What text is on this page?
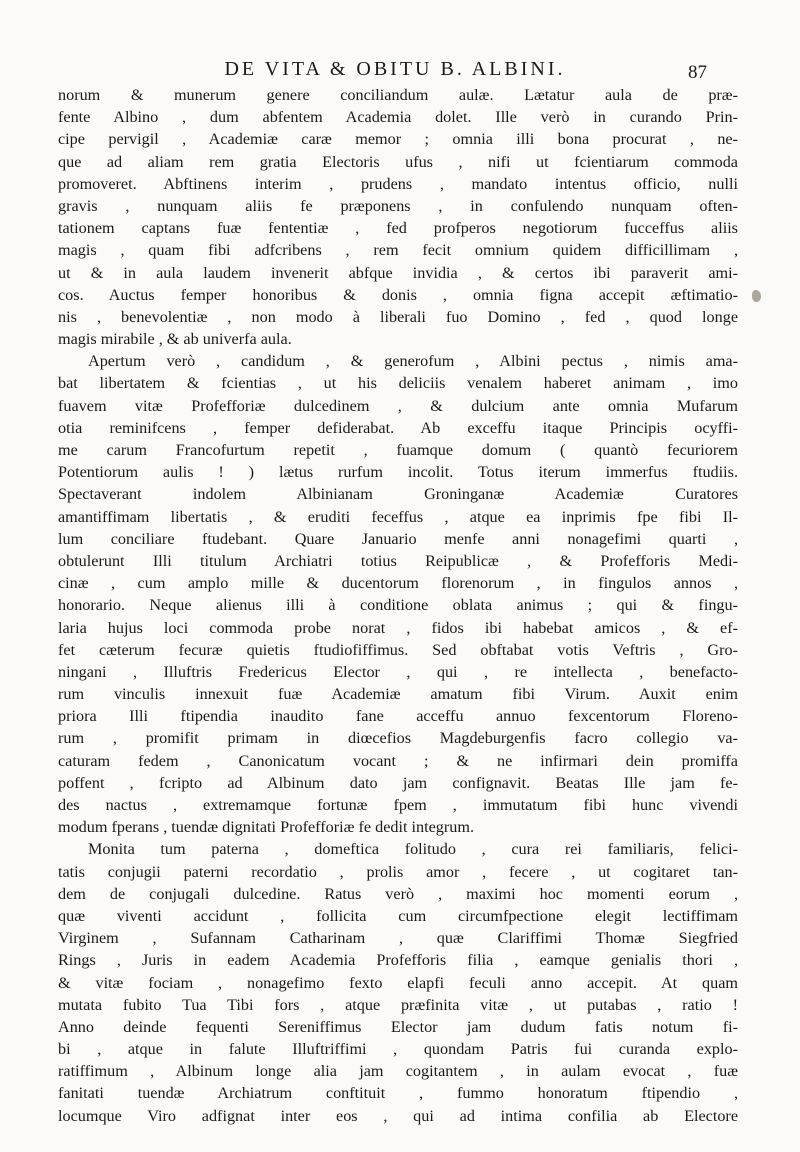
DE VITA & OBITU B. ALBINI.	87
norum & munerum genere conciliandum aulæ. Lætatur aula de præ-
fente Albino , dum abfentem Academia dolet. Ille verò in curando Prin-
cipe pervigil , Academiæ caræ memor ; omnia illi bona procurat , ne-
que ad aliam rem gratia Electoris ufus , nifi ut fcientiarum commoda
promoveret. Abftinens interim , prudens , mandato intentus officio, nulli
gravis , nunquam aliis fe præponens , in confulendo nunquam often-
tationem captans fuæ fententiæ , fed profperos negotiorum fucceffus aliis
magis , quam fibi adfcribens , rem fecit omnium quidem difficillimam ,
ut & in aula laudem invenerit abfque invidia , & certos ibi paraverit ami-
cos. Auctus femper honoribus & donis , omnia figna accepit æftimatio-
nis , benevolentiæ , non modo à liberali fuo Domino , fed , quod longe
magis mirabile , & ab univerfa aula.
Apertum verò , candidum , & generofum , Albini pectus , nimis ama-
bat libertatem & fcientias , ut his deliciis venalem haberet animam , imo
fuavem vitæ Profefforiæ dulcedinem , & dulcium ante omnia Mufarum
otia reminifcens , femper defiderabat. Ab exceffu itaque Principis ocyffi-
me carum Francofurtum repetit , fuamque domum ( quantò fecuriorem
Potentiorum aulis ! ) lætus rurfum incolit. Totus iterum immerfus ftudiis.
Spectaverant indolem Albinianam Groninganæ Academiæ Curatores
amantiffimam libertatis , & eruditi feceffus , atque ea inprimis fpe fibi Il-
lum conciliare ftudebant. Quare Januario menfe anni nonagefimi quarti ,
obtulerunt Illi titulum Archiatri totius Reipublicæ , & Profefforis Medi-
cinæ , cum amplo mille & ducentorum florenorum , in fingulos annos ,
honorario. Neque alienus illi à conditione oblata animus ; qui & fingu-
laria hujus loci commoda probe norat , fidos ibi habebat amicos , & ef-
fet cæterum fecuræ quietis ftudiofiffimus. Sed obftabat votis Veftris , Gro-
ningani , Illuftris Fredericus Elector , qui , re intellecta , benefacto-
rum vinculis innexuit fuæ Academiæ amatum fibi Virum. Auxit enim
priora Illi ftipendia inaudito fane acceffu annuo fexcentorum Floreno-
rum , promifit primam in diœcefios Magdeburgenfis facro collegio va-
caturam fedem , Canonicatum vocant ; & ne infirmari dein promiffa
poffent , fcripto ad Albinum dato jam confignavit. Beatas Ille jam fe-
des nactus , extremamque fortunæ fpem , immutatum fibi hunc vivendi
modum fperans , tuendæ dignitati Profefforiæ fe dedit integrum.
Monita tum paterna , domeftica folitudo , cura rei familiaris, felici-
tatis conjugii paterni recordatio , prolis amor , fecere , ut cogitaret tan-
dem de conjugali dulcedine. Ratus verò , maximi hoc momenti eorum ,
quæ viventi accidunt , follicita cum circumfpectione elegit lectiffimam
Virginem , Sufannam Catharinam , quæ Clariffimi Thomæ Siegfried
Rings , Juris in eadem Academia Profefforis filia , eamque genialis thori ,
& vitæ fociam , nonagefimo fexto elapfi feculi anno accepit. At quam
mutata fubito Tua Tibi fors , atque præfinita vitæ , ut putabas , ratio !
Anno deinde fequenti Sereniffimus Elector jam dudum fatis notum fi-
bi , atque in falute Illuftriffimi , quondam Patris fui curanda explo-
ratiffimum , Albinum longe alia jam cogitantem , in aulam evocat , fuæ
fanitati tuendæ Archiatrum conftituit , fummo honoratum ftipendio ,
locumque Viro adfignat inter eos , qui ad intima confilia ab Electore
